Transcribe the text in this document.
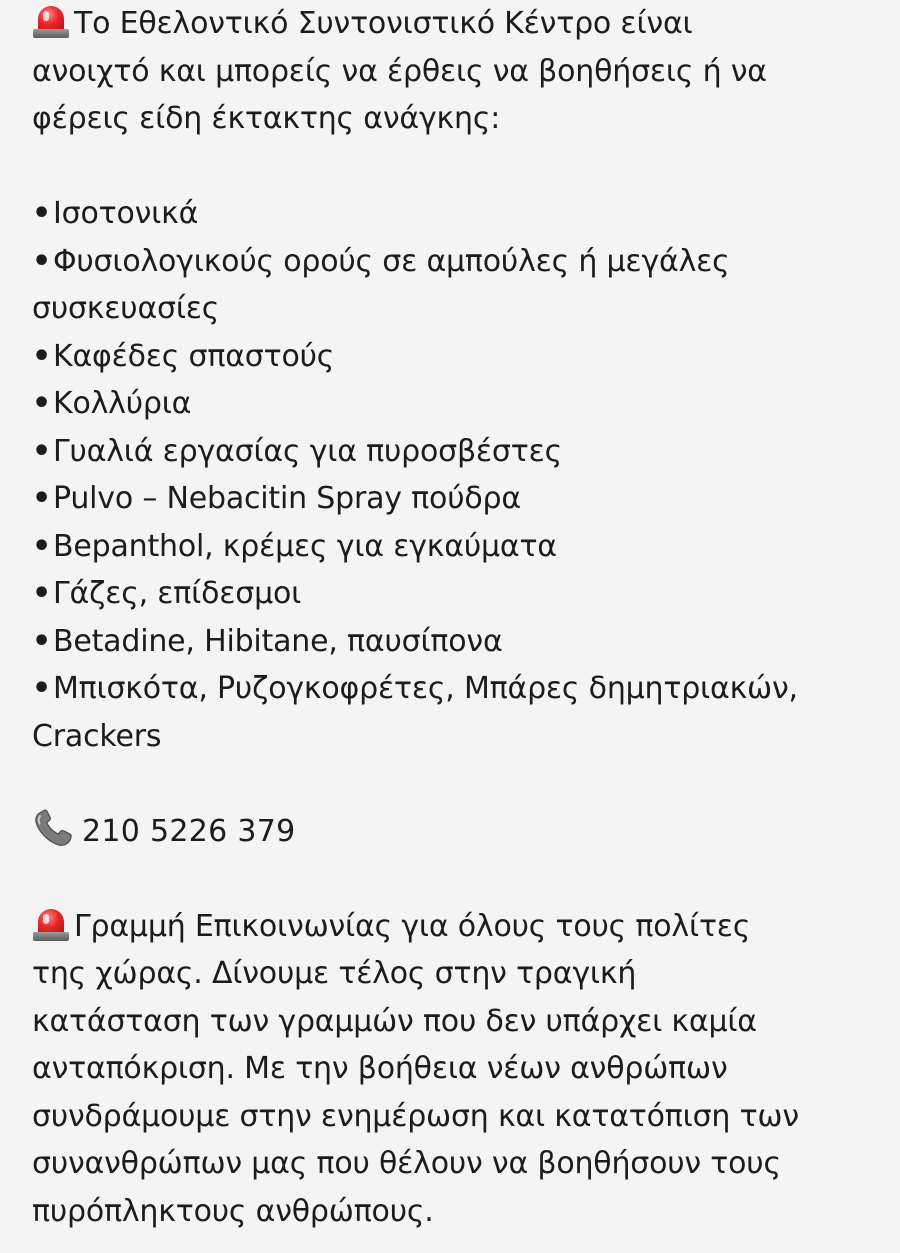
Το Εθελοντικό Συντονιστικό Κέντρο είναι
ανοιχτό και μπορείς να έρθεις να βοηθήσεις ή να
φέρεις είδη έκτακτης ανάγκης:

•Ισοτονικά
•Φυσιολογικούς ορούς σε αμπούλες ή μεγάλες
συσκευασίες
•Καφέδες σπαστούς
•Κολλύρια
•Γυαλιά εργασίας για πυροσβέστες
•Pulvo – Nebacitin Spray πούδρα
•Bepanthol, κρέμες για εγκαύματα
•Γάζες, επίδεσμοι
•Betadine, Hibitane, παυσίπονα
•Μπισκότα, Ρυζογκοφρέτες, Μπάρες δημητριακών,
Crackers

210 5226 379

Γραμμή Επικοινωνίας για όλους τους πολίτες
της χώρας. Δίνουμε τέλος στην τραγική
κατάσταση των γραμμών που δεν υπάρχει καμία
ανταπόκριση. Με την βοήθεια νέων ανθρώπων
συνδράμουμε στην ενημέρωση και κατατόπιση των
συνανθρώπων μας που θέλουν να βοηθήσουν τους
πυρόπληκτους ανθρώπους.
